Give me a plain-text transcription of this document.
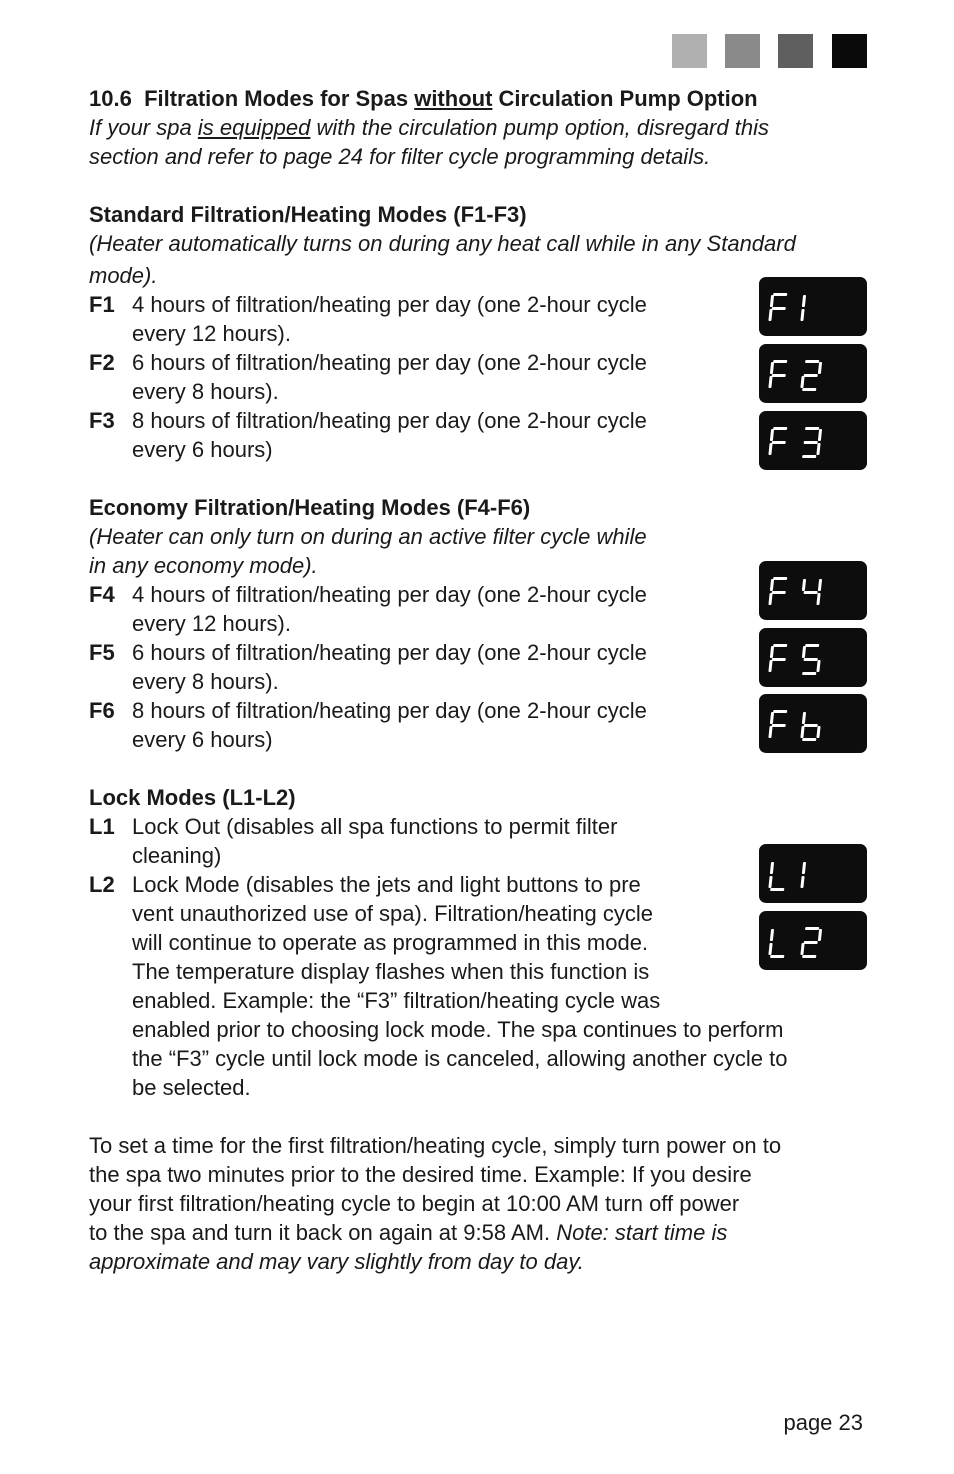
10.6 Filtration Modes for Spas without Circulation Pump Option
If your spa is equipped with the circulation pump option, disregard this
section and refer to page 24 for filter cycle programming details.
Standard Filtration/Heating Modes (F1-F3)
(Heater automatically turns on during any heat call while in any Standard
mode).
F1 4 hours of filtration/heating per day (one 2-hour cycle
every 12 hours).
F2 6 hours of filtration/heating per day (one 2-hour cycle
every 8 hours).
F3 8 hours of filtration/heating per day (one 2-hour cycle
every 6 hours)
Economy Filtration/Heating Modes (F4-F6)
(Heater can only turn on during an active filter cycle while
in any economy mode).
F4 4 hours of filtration/heating per day (one 2-hour cycle
every 12 hours).
F5 6 hours of filtration/heating per day (one 2-hour cycle
every 8 hours).
F6 8 hours of filtration/heating per day (one 2-hour cycle
every 6 hours)
Lock Modes (L1-L2)
L1 Lock Out (disables all spa functions to permit filter
cleaning)
L2 Lock Mode (disables the jets and light buttons to pre
vent unauthorized use of spa). Filtration/heating cycle
will continue to operate as programmed in this mode.
The temperature display flashes when this function is
enabled. Example: the “F3” filtration/heating cycle was
enabled prior to choosing lock mode. The spa continues to perform
the “F3” cycle until lock mode is canceled, allowing another cycle to
be selected.
To set a time for the first filtration/heating cycle, simply turn power on to
the spa two minutes prior to the desired time. Example: If you desire
your first filtration/heating cycle to begin at 10:00 AM turn off power
to the spa and turn it back on again at 9:58 AM. Note: start time is
approximate and may vary slightly from day to day.
page 23
